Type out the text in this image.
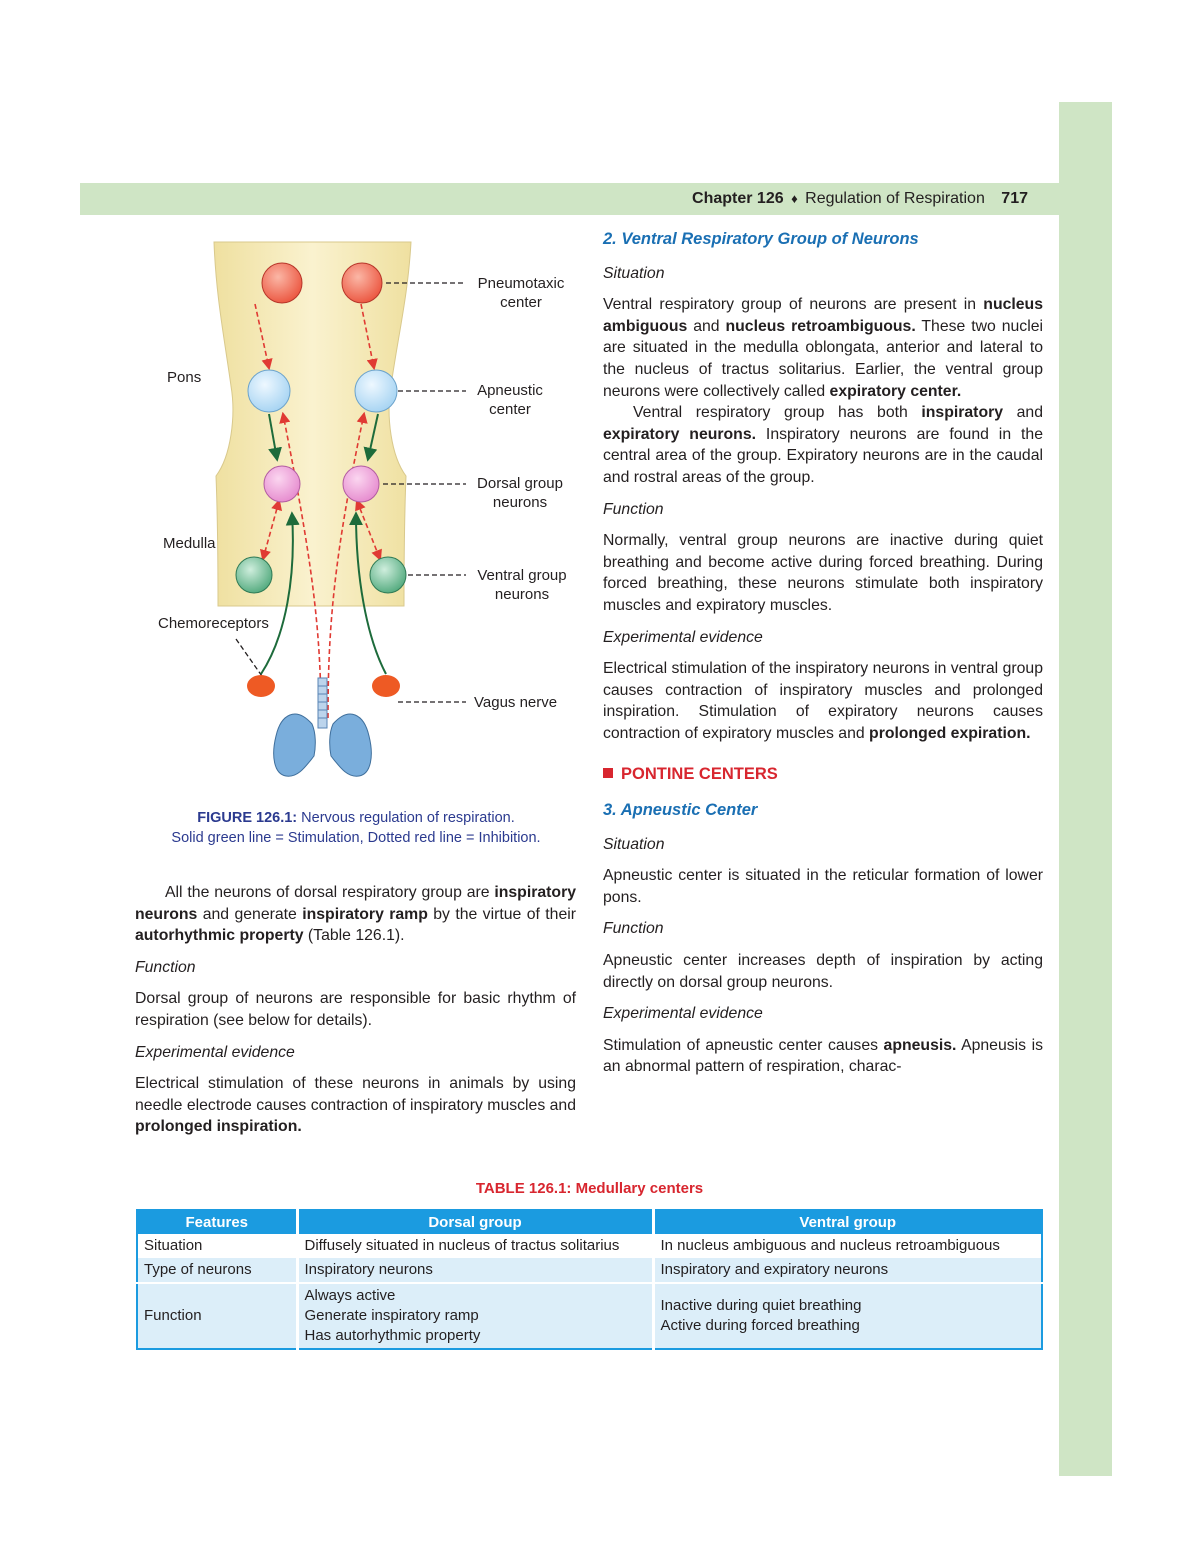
Chapter 126 ♦ Regulation of Respiration 717
Pons
Medulla
Chemoreceptors
Pneumotaxic
center
Apneustic
center
Dorsal group
neurons
Ventral group
neurons
Vagus nerve
FIGURE 126.1: Nervous regulation of respiration.
Solid green line = Stimulation, Dotted red line = Inhibition.

All the neurons of dorsal respiratory group are inspiratory neurons and generate inspiratory ramp by the virtue of their autorhythmic property (Table 126.1).

Function

Dorsal group of neurons are responsible for basic rhythm of respiration (see below for details).

Experimental evidence

Electrical stimulation of these neurons in animals by using needle electrode causes contraction of inspiratory muscles and prolonged inspiration.

2. Ventral Respiratory Group of Neurons

Situation

Ventral respiratory group of neurons are present in nucleus ambiguous and nucleus retroambiguous. These two nuclei are situated in the medulla oblongata, anterior and lateral to the nucleus of tractus solitarius. Earlier, the ventral group neurons were collectively called expiratory center.

Ventral respiratory group has both inspiratory and expiratory neurons. Inspiratory neurons are found in the central area of the group. Expiratory neurons are in the caudal and rostral areas of the group.

Function

Normally, ventral group neurons are inactive during quiet breathing and become active during forced breathing. During forced breathing, these neurons stimulate both inspiratory muscles and expiratory muscles.

Experimental evidence

Electrical stimulation of the inspiratory neurons in ventral group causes contraction of inspiratory muscles and prolonged inspiration. Stimulation of expiratory neurons causes contraction of expiratory muscles and prolonged expiration.

PONTINE CENTERS

3. Apneustic Center

Situation

Apneustic center is situated in the reticular formation of lower pons.

Function

Apneustic center increases depth of inspiration by acting directly on dorsal group neurons.

Experimental evidence

Stimulation of apneustic center causes apneusis. Apneusis is an abnormal pattern of respiration, charac-

TABLE 126.1: Medullary centers
Features	Dorsal group	Ventral group
Situation	Diffusely situated in nucleus of tractus solitarius	In nucleus ambiguous and nucleus retroambiguous

Type of neurons	Inspiratory neurons	Inspiratory and expiratory neurons

Function	Always active
Generate inspiratory ramp
Has autorhythmic property	Inactive during quiet breathing
Active during forced breathing
